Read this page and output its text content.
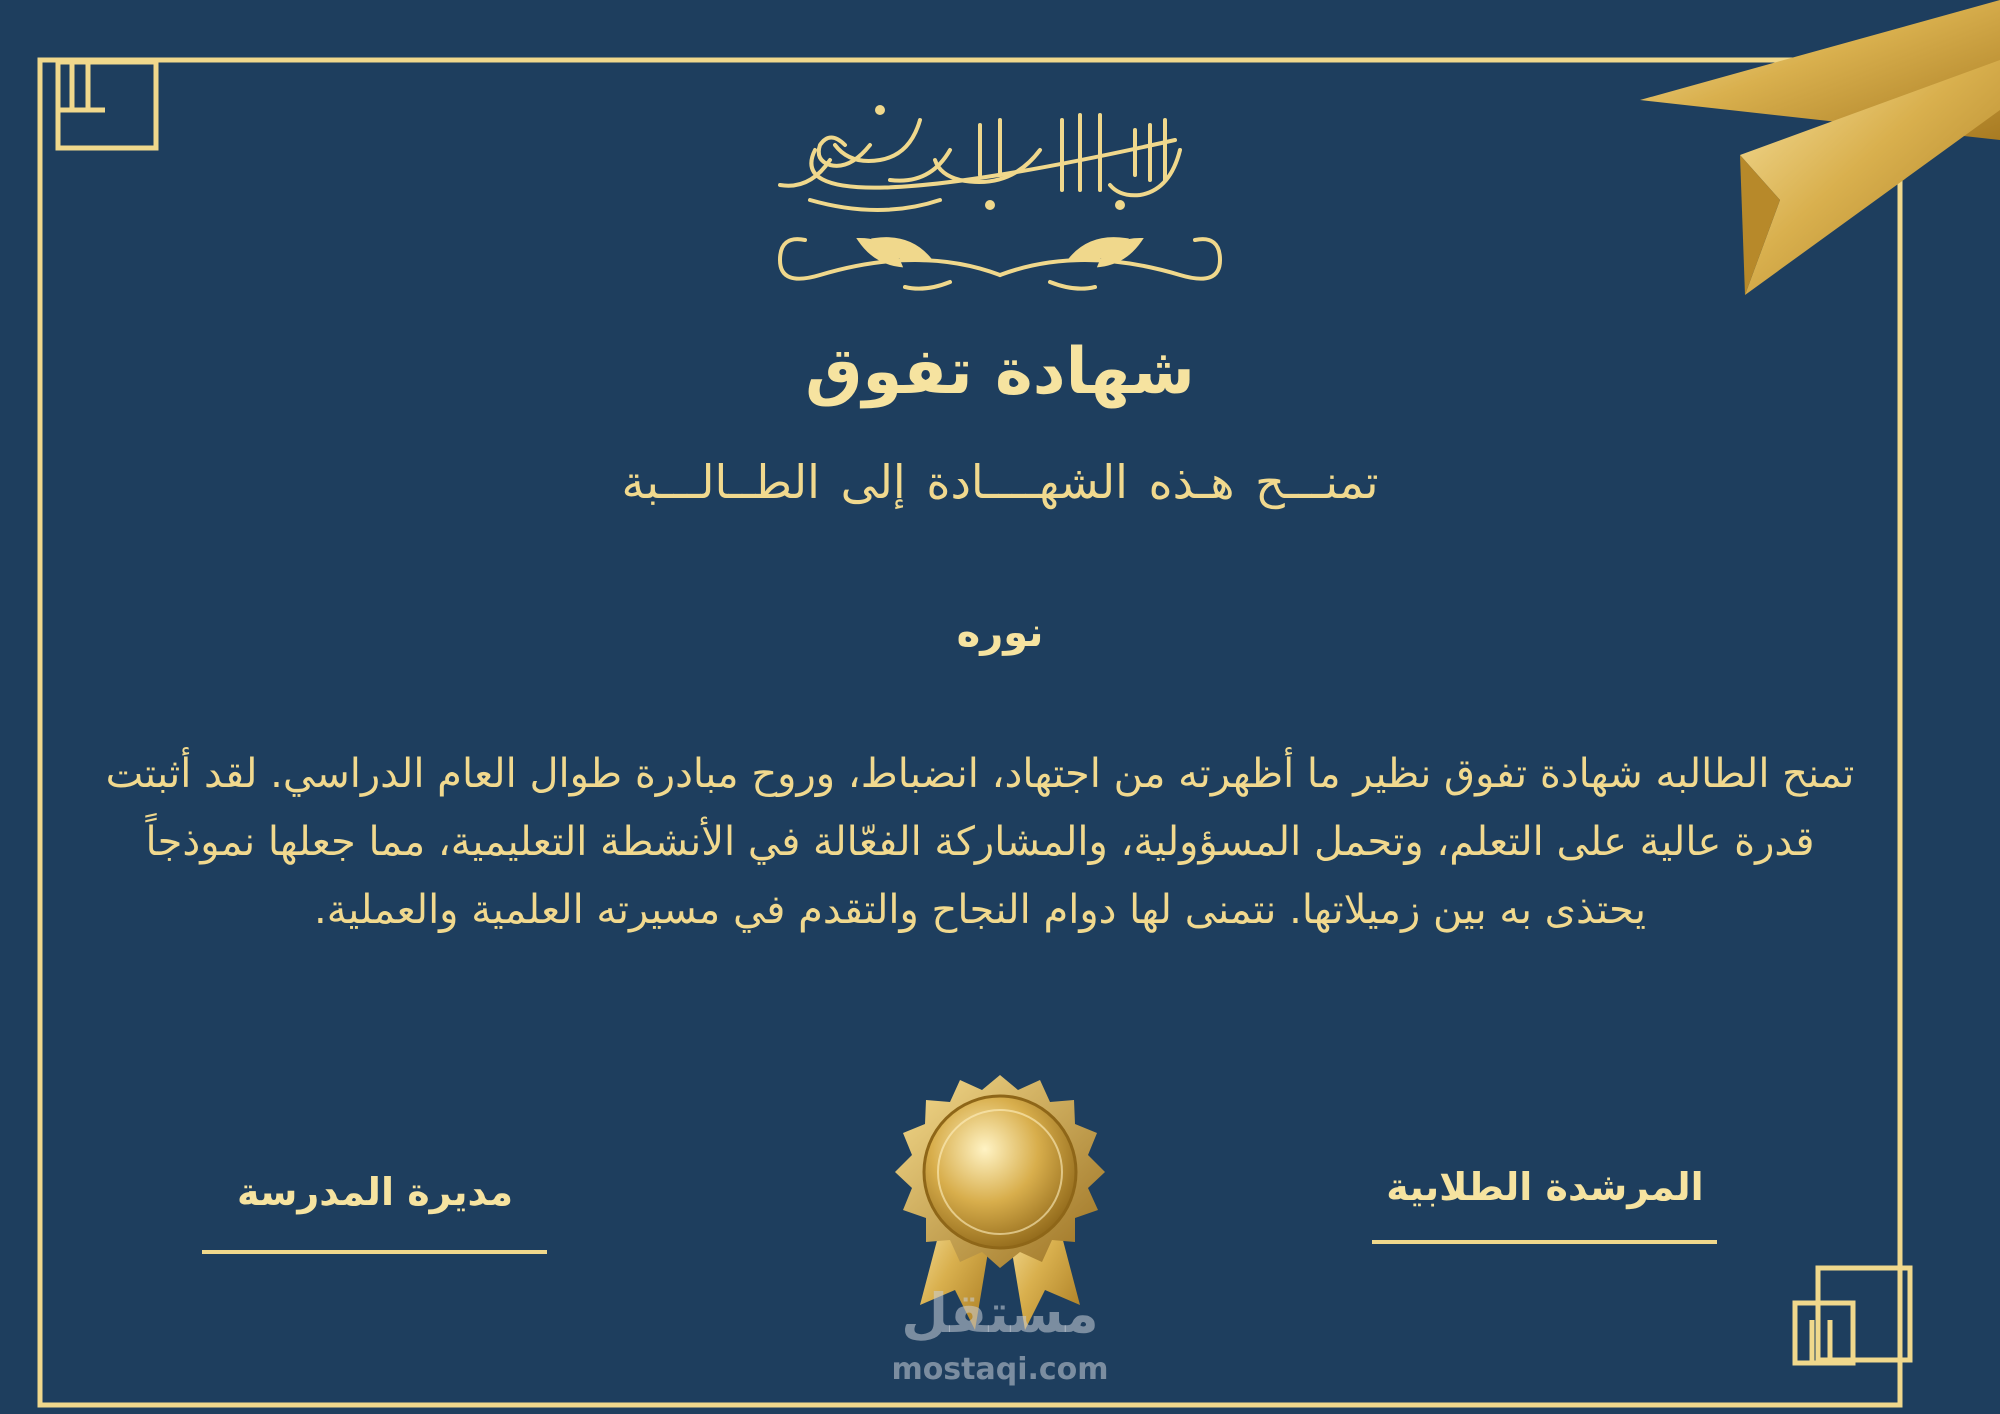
شهادة تفوق
تمنـــح هـذه الشهــــادة إلى الطــالـــبة
نوره
تمنح الطالبه شهادة تفوق نظير ما أظهرته من اجتهاد، انضباط، وروح مبادرة طوال العام الدراسي. لقد أثبتت قدرة عالية على التعلم، وتحمل المسؤولية، والمشاركة الفعّالة في الأنشطة التعليمية، مما جعلها نموذجاً يحتذى به بين زميلاتها. نتمنى لها دوام النجاح والتقدم في مسيرته العلمية والعملية.
مديرة المدرسة	المرشدة الطلابية
مستقل
mostaqi.com
